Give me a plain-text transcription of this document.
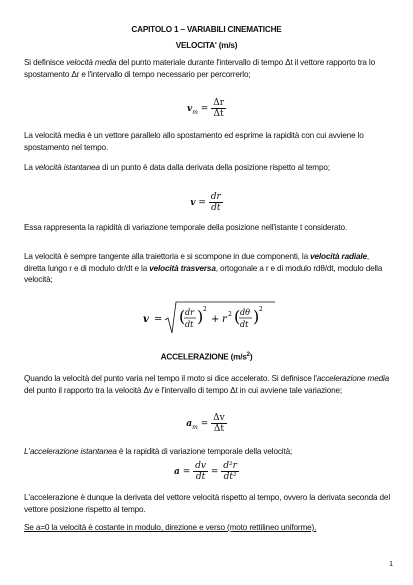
CAPITOLO 1 – VARIABILI CINEMATICHE
VELOCITA' (m/s)
Si definisce velocità media del punto materiale durante l'intervallo di tempo Δt il vettore rapporto tra lo spostamento Δr e l'intervallo di tempo necessario per percorrerlo;
$v_m = \frac{\Delta r}{\Delta t}$
La velocità media è un vettore parallelo allo spostamento ed esprime la rapidità con cui avviene lo spostamento nel tempo.
La velocità istantanea di un punto è data dalla derivata della posizione rispetto al tempo;
$v = \frac{dr}{dt}$
Essa rappresenta la rapidità di variazione temporale della posizione nell'istante t considerato.
La velocità è sempre tangente alla traiettoria e si scompone in due componenti, la velocità radiale, diretta lungo r e di modulo dr/dt e la velocità trasversa, ortogonale a r e di modulo rdθ/dt, modulo della velocità;
v = ( dr
dt ) 2
+ r 2 ( dθ
dt ) 2
ACCELERAZIONE $(m/s^2)$
Quando la velocità del punto varia nel tempo il moto si dice accelerato. Si definisce l'accelerazione media del punto il rapporto tra la velocità Δv e l'intervallo di tempo Δt in cui avviene tale variazione;
$a_m = \frac{\Delta v}{\Delta t}$
L'accelerazione istantanea è la rapidità di variazione temporale della velocità;
$a = \frac{dv}{dt} = \frac{\text{d²r}}{\text{dt²}}$
L'accelerazione è dunque la derivata del vettore velocità rispetto al tempo, ovvero la derivata seconda del vettore posizione rispetto al tempo.
Se a=0 la velocità è costante in modulo, direzione e verso (moto rettilineo uniforme).
1
